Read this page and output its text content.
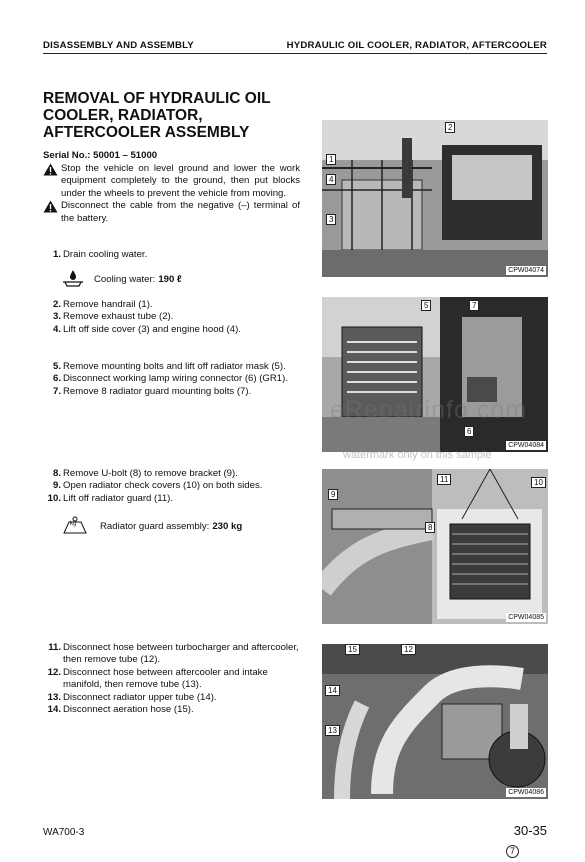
DISASSEMBLY AND ASSEMBLY	HYDRAULIC OIL COOLER, RADIATOR, AFTERCOOLER
REMOVAL OF HYDRAULIC OIL COOLER, RADIATOR, AFTERCOOLER ASSEMBLY
Serial No.: 50001 – 51000
Stop the vehicle on level ground and lower the work equipment completely to the ground, then put blocks under the wheels to prevent the vehicle from moving.
Disconnect the cable from the negative (–) terminal of the battery.
1. Drain cooling water.
Cooling water: 190 ℓ
2. Remove handrail (1).
3. Remove exhaust tube (2).
4. Lift off side cover (3) and engine hood (4).
5. Remove mounting bolts and lift off radiator mask (5).
6. Disconnect working lamp wiring connector (6) (GR1).
7. Remove 8 radiator guard mounting bolts (7).
8. Remove U-bolt (8) to remove bracket (9).
9. Open radiator check covers (10) on both sides.
10. Lift off radiator guard (11).
kg Radiator guard assembly: 230 kg
11. Disconnect hose between turbocharger and aftercooler, then remove tube (12).
12. Disconnect hose between aftercooler and intake manifold, then remove tube (13).
13. Disconnect radiator upper tube (14).
14. Disconnect aeration hose (15).
1
2
3
4
CPW04074
5
6
7
CPW04084
8
9
10
11
CPW04085
12
13
14
15
CPW04086
eRepairinfo.com
watermark only on this sample
WA700-3	30-35
7
